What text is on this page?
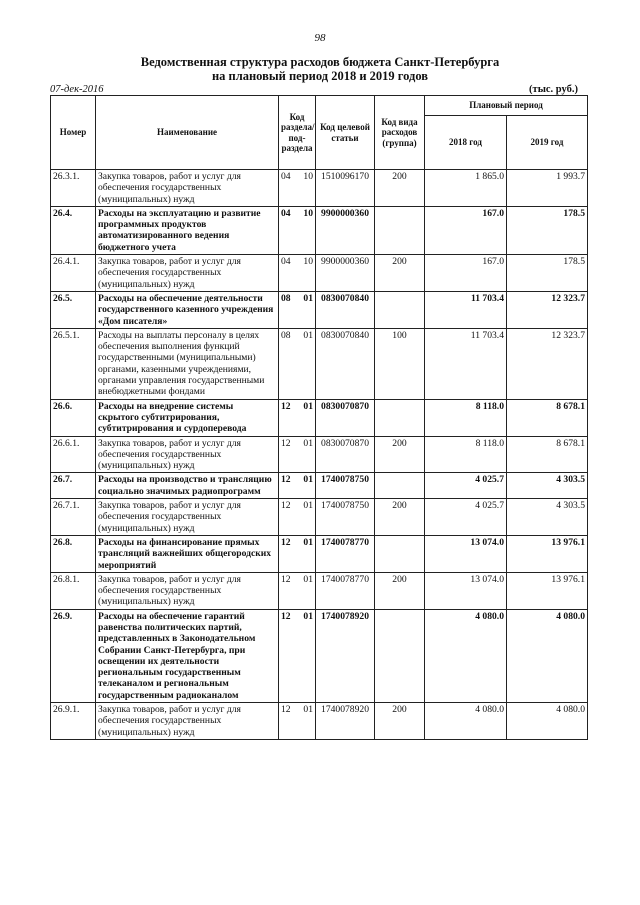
98
Ведомственная структура расходов бюджета Санкт-Петербурга
на плановый период 2018 и 2019 годов
07-дек-2016	(тыс. руб.)
Номер	Наименование	Код раздела/ под- раздела		Код целевой статьи	Код вида расходов (группа)	Плановый период	
						2018 год	2019 год
26.3.1.	Закупка товаров, работ и услуг для обеспечения государственных (муниципальных) нужд	04	10	1510096170	200	1 865.0	1 993.7
26.4.	Расходы на эксплуатацию и развитие программных продуктов автоматизированного ведения бюджетного учета	04	10	9900000360		167.0	178.5
26.4.1.	Закупка товаров, работ и услуг для обеспечения государственных (муниципальных) нужд	04	10	9900000360	200	167.0	178.5
26.5.	Расходы на обеспечение деятельности государственного казенного учреждения «Дом писателя»	08	01	0830070840		11 703.4	12 323.7
26.5.1.	Расходы на выплаты персоналу в целях обеспечения выполнения функций государственными (муниципальными) органами, казенными учреждениями, органами управления государственными внебюджетными фондами	08	01	0830070840	100	11 703.4	12 323.7
26.6.	Расходы на внедрение системы скрытого субтитрирования, субтитрирования и сурдоперевода	12	01	0830070870		8 118.0	8 678.1
26.6.1.	Закупка товаров, работ и услуг для обеспечения государственных (муниципальных) нужд	12	01	0830070870	200	8 118.0	8 678.1
26.7.	Расходы на производство и трансляцию социально значимых радиопрограмм	12	01	1740078750		4 025.7	4 303.5
26.7.1.	Закупка товаров, работ и услуг для обеспечения государственных (муниципальных) нужд	12	01	1740078750	200	4 025.7	4 303.5
26.8.	Расходы на финансирование прямых трансляций важнейших общегородских мероприятий	12	01	1740078770		13 074.0	13 976.1
26.8.1.	Закупка товаров, работ и услуг для обеспечения государственных (муниципальных) нужд	12	01	1740078770	200	13 074.0	13 976.1
26.9.	Расходы на обеспечение гарантий равенства политических партий, представленных в Законодательном Собрании Санкт-Петербурга, при освещении их деятельности региональным государственным телеканалом и региональным государственным радиоканалом	12	01	1740078920		4 080.0	4 080.0
26.9.1.	Закупка товаров, работ и услуг для обеспечения государственных (муниципальных) нужд	12	01	1740078920	200	4 080.0	4 080.0
